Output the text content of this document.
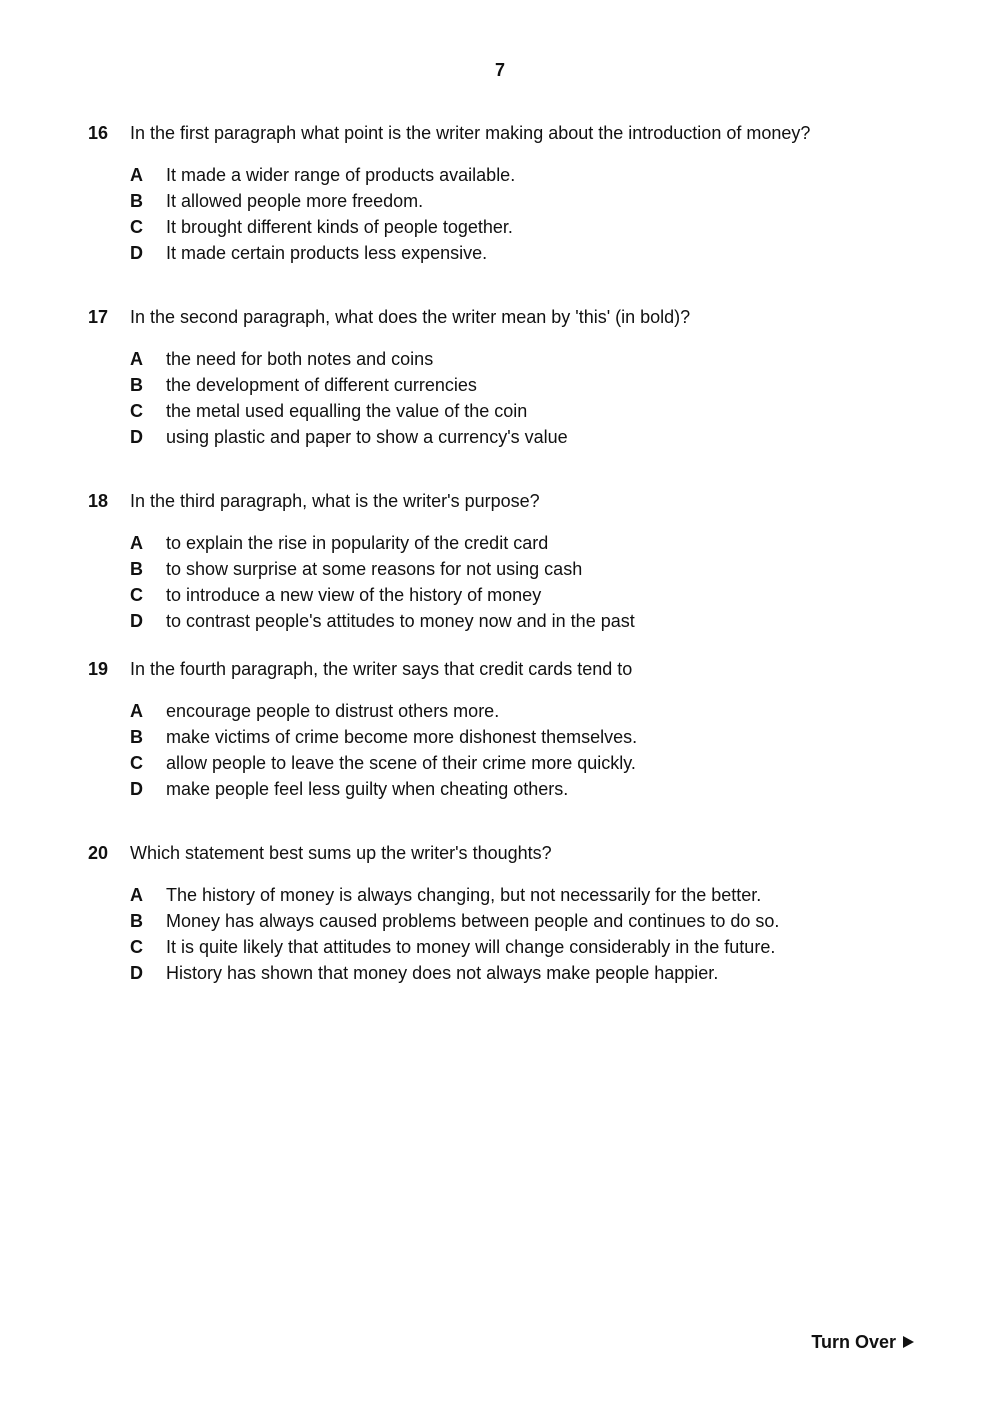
7
16	In the first paragraph what point is the writer making about the introduction of money?
A	It made a wider range of products available.
B	It allowed people more freedom.
C	It brought different kinds of people together.
D	It made certain products less expensive.
17	In the second paragraph, what does the writer mean by 'this' (in bold)?
A	the need for both notes and coins
B	the development of different currencies
C	the metal used equalling the value of the coin
D	using plastic and paper to show a currency's value
18	In the third paragraph, what is the writer's purpose?
A	to explain the rise in popularity of the credit card
B	to show surprise at some reasons for not using cash
C	to introduce a new view of the history of money
D	to contrast people's attitudes to money now and in the past
19	In the fourth paragraph, the writer says that credit cards tend to
A	encourage people to distrust others more.
B	make victims of crime become more dishonest themselves.
C	allow people to leave the scene of their crime more quickly.
D	make people feel less guilty when cheating others.
20	Which statement best sums up the writer's thoughts?
A	The history of money is always changing, but not necessarily for the better.
B	Money has always caused problems between people and continues to do so.
C	It is quite likely that attitudes to money will change considerably in the future.
D	History has shown that money does not always make people happier.
Turn Over
